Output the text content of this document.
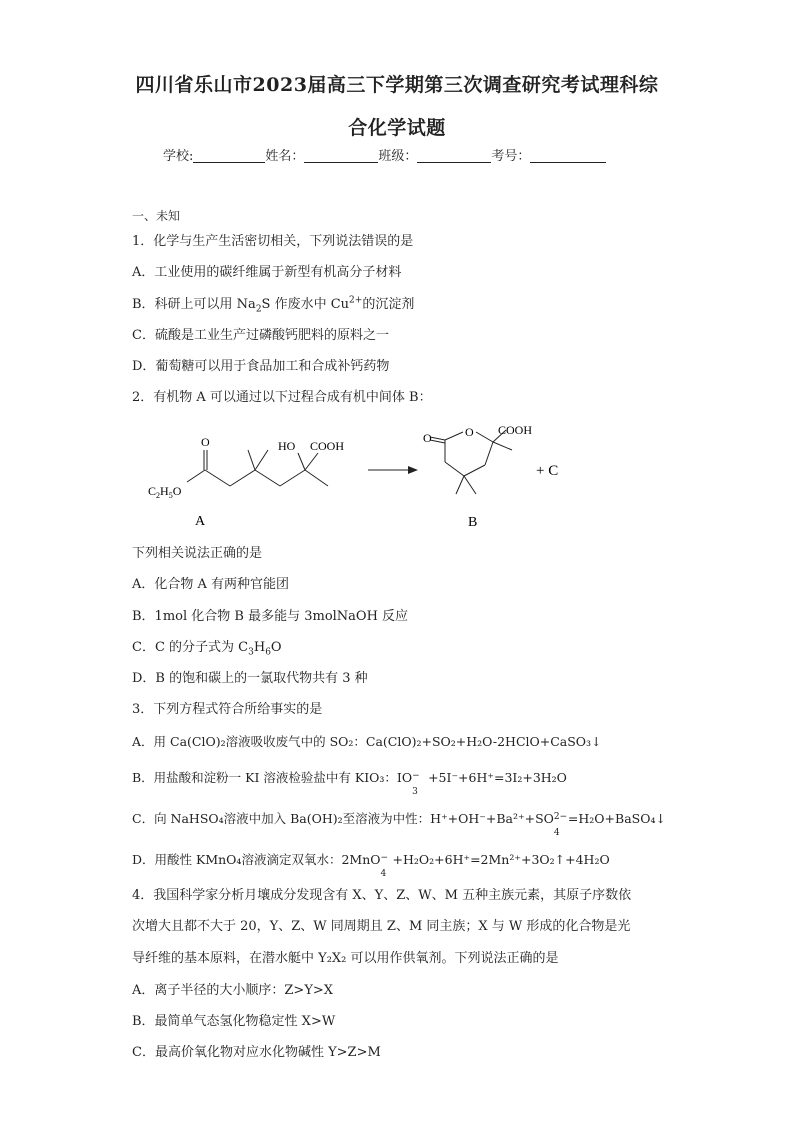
四川省乐山市2023届高三下学期第三次调查研究考试理科综
合化学试题
学校:	姓名：	班级：	考号：
一、未知
1．化学与生产生活密切相关，下列说法错误的是
A．工业使用的碳纤维属于新型有机高分子材料
B．科研上可以用 $Na_2S$ 作废水中 $Cu^{2+}$的沉淀剂
C．硫酸是工业生产过磷酸钙肥料的原料之一
D．葡萄糖可以用于食品加工和合成补钙药物
2．有机物 A 可以通过以下过程合成有机中间体 B：
O	HO COOH
$C_2H_5O$
A
O	O COOH
+ C
B
下列相关说法正确的是
A．化合物 A 有两种官能团
B．1mol 化合物 B 最多能与 3molNaOH 反应
C．C 的分子式为 $C_3H_6O$
D．B 的饱和碳上的一氯取代物共有 3 种
3．下列方程式符合所给事实的是
A．用 Ca(ClO)₂溶液吸收废气中的 SO₂：Ca(ClO)₂+SO₂+H₂O-2HClO+CaSO₃↓
B．用盐酸和淀粉一 KI 溶液检验盐中有 KIO₃：IO −
3
+5I⁻+6H⁺=3I₂+3H₂O
C．向 NaHSO₄溶液中加入 Ba(OH)₂至溶液为中性：H⁺+OH⁻+Ba²⁺+SO 2−
4
=H₂O+BaSO₄↓
D．用酸性 KMnO₄溶液滴定双氧水：2MnO −
4
+H₂O₂+6H⁺=2Mn²⁺+3O₂↑+4H₂O
4．我国科学家分析月壤成分发现含有 X、Y、Z、W、M 五种主族元素，其原子序数依
次增大且都不大于 20，Y、Z、W 同周期且 Z、M 同主族；X 与 W 形成的化合物是光
导纤维的基本原料，在潜水艇中 Y₂X₂ 可以用作供氧剂。下列说法正确的是
A．离子半径的大小顺序：Z>Y>X
B．最简单气态氢化物稳定性 X>W
C．最高价氧化物对应水化物碱性 Y>Z>M
